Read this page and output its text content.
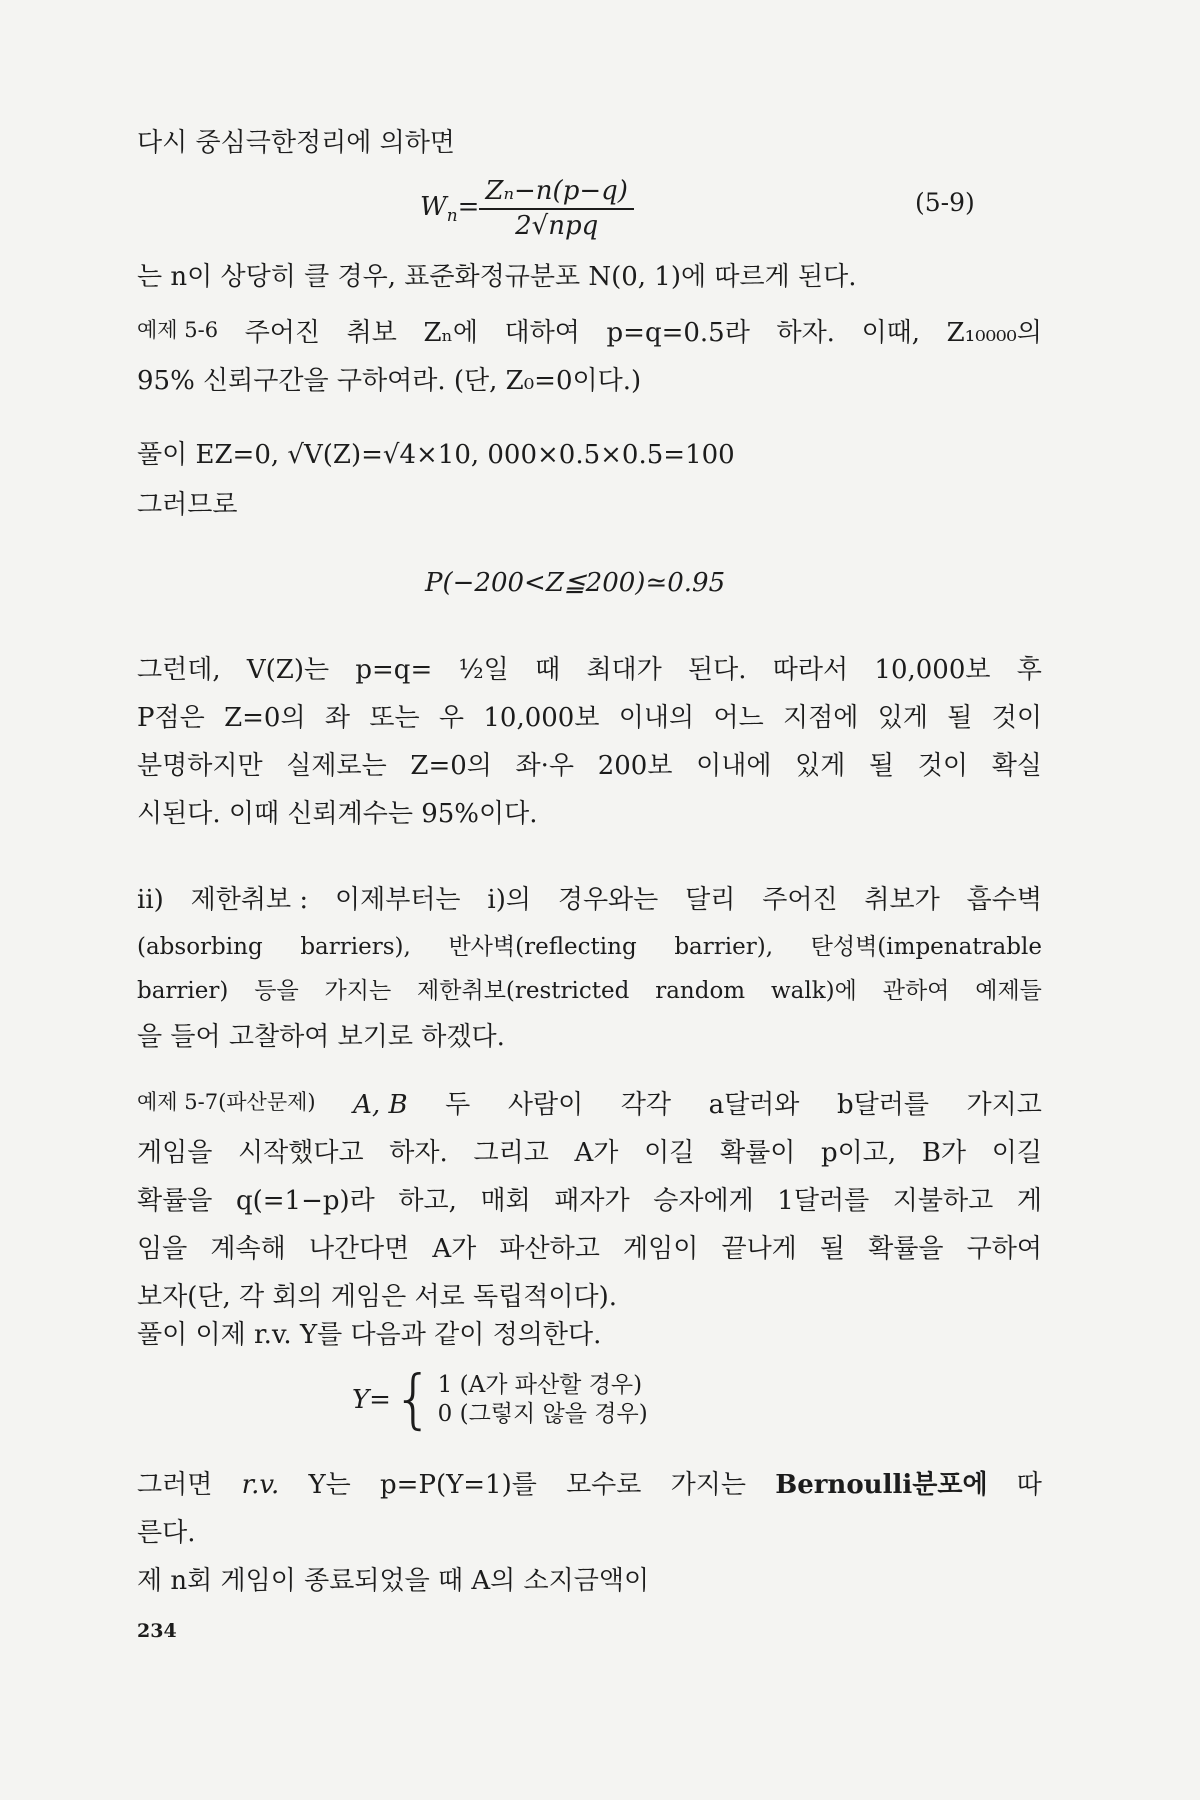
다시 중심극한정리에 의하면
$W_n= \frac{\text{Zₙ−n(p−q)}}{\text{2√npq}}$	(5-9)
는 n이 상당히 클 경우, 표준화정규분포 N(0, 1)에 따르게 된다.
예제 5-6 주어진 취보 Zₙ에 대하여 p=q=0.5라 하자. 이때, Z₁₀₀₀₀의
95% 신뢰구간을 구하여라. (단, Z₀=0이다.)
풀이 EZ=0, √V(Z)=√4×10, 000×0.5×0.5=100
그러므로
P(−200<Z≦200)≃0.95
그런데, V(Z)는 p=q= ½일 때 최대가 된다. 따라서 10,000보 후
P점은 Z=0의 좌 또는 우 10,000보 이내의 어느 지점에 있게 될 것이
분명하지만 실제로는 Z=0의 좌·우 200보 이내에 있게 될 것이 확실
시된다. 이때 신뢰계수는 95%이다.
ii) 제한취보 : 이제부터는 i)의 경우와는 달리 주어진 취보가 흡수벽
(absorbing barriers), 반사벽(reflecting barrier), 탄성벽(impenatrable
barrier) 등을 가지는 제한취보(restricted random walk)에 관하여 예제들
을 들어 고찰하여 보기로 하겠다.
예제 5-7(파산문제) A, B 두 사람이 각각 a달러와 b달러를 가지고
게임을 시작했다고 하자. 그리고 A가 이길 확률이 p이고, B가 이길
확률을 q(=1−p)라 하고, 매회 패자가 승자에게 1달러를 지불하고 게
임을 계속해 나간다면 A가 파산하고 게임이 끝나게 될 확률을 구하여
보자(단, 각 회의 게임은 서로 독립적이다).
풀이 이제 r.v. Y를 다음과 같이 정의한다.
Y= { 1 (A가 파산할 경우)
0 (그렇지 않을 경우)
그러면 r.v. Y는 p=P(Y=1)를 모수로 가지는 Bernoulli분포에 따
른다.
제 n회 게임이 종료되었을 때 A의 소지금액이
234
